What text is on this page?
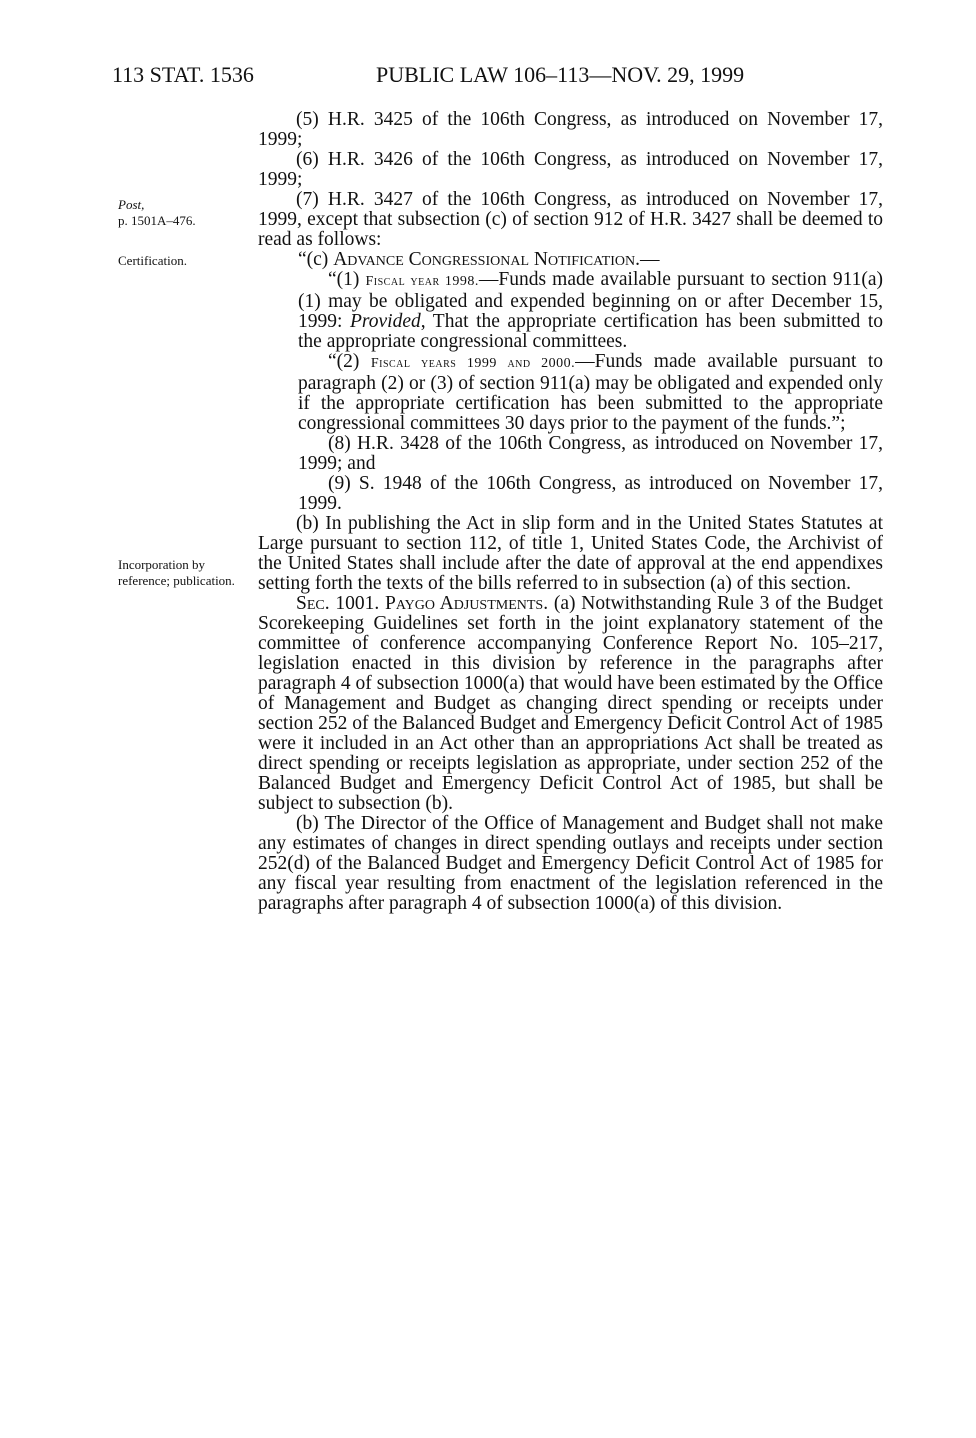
113 STAT. 1536	PUBLIC LAW 106–113—NOV. 29, 1999
Post,
p. 1501A–476.
Certification.
Incorporation by reference; publication.

(5) H.R. 3425 of the 106th Congress, as introduced on November 17, 1999;

(6) H.R. 3426 of the 106th Congress, as introduced on November 17, 1999;

(7) H.R. 3427 of the 106th Congress, as introduced on November 17, 1999, except that subsection (c) of section 912 of H.R. 3427 shall be deemed to read as follows:

“(c) Advance Congressional Notification.—

“(1) Fiscal year 1998.—Funds made available pursuant to section 911(a)(1) may be obligated and expended beginning on or after December 15, 1999: Provided, That the appropriate certification has been submitted to the appropriate congressional committees.

“(2) Fiscal years 1999 and 2000.—Funds made available pursuant to paragraph (2) or (3) of section 911(a) may be obligated and expended only if the appropriate certification has been submitted to the appropriate congressional committees 30 days prior to the payment of the funds.”;

(8) H.R. 3428 of the 106th Congress, as introduced on November 17, 1999; and

(9) S. 1948 of the 106th Congress, as introduced on November 17, 1999.

(b) In publishing the Act in slip form and in the United States Statutes at Large pursuant to section 112, of title 1, United States Code, the Archivist of the United States shall include after the date of approval at the end appendixes setting forth the texts of the bills referred to in subsection (a) of this section.

Sec. 1001. Paygo Adjustments. (a) Notwithstanding Rule 3 of the Budget Scorekeeping Guidelines set forth in the joint explanatory statement of the committee of conference accompanying Conference Report No. 105–217, legislation enacted in this division by reference in the paragraphs after paragraph 4 of subsection 1000(a) that would have been estimated by the Office of Management and Budget as changing direct spending or receipts under section 252 of the Balanced Budget and Emergency Deficit Control Act of 1985 were it included in an Act other than an appropriations Act shall be treated as direct spending or receipts legislation as appropriate, under section 252 of the Balanced Budget and Emergency Deficit Control Act of 1985, but shall be subject to subsection (b).

(b) The Director of the Office of Management and Budget shall not make any estimates of changes in direct spending outlays and receipts under section 252(d) of the Balanced Budget and Emergency Deficit Control Act of 1985 for any fiscal year resulting from enactment of the legislation referenced in the paragraphs after paragraph 4 of subsection 1000(a) of this division.
